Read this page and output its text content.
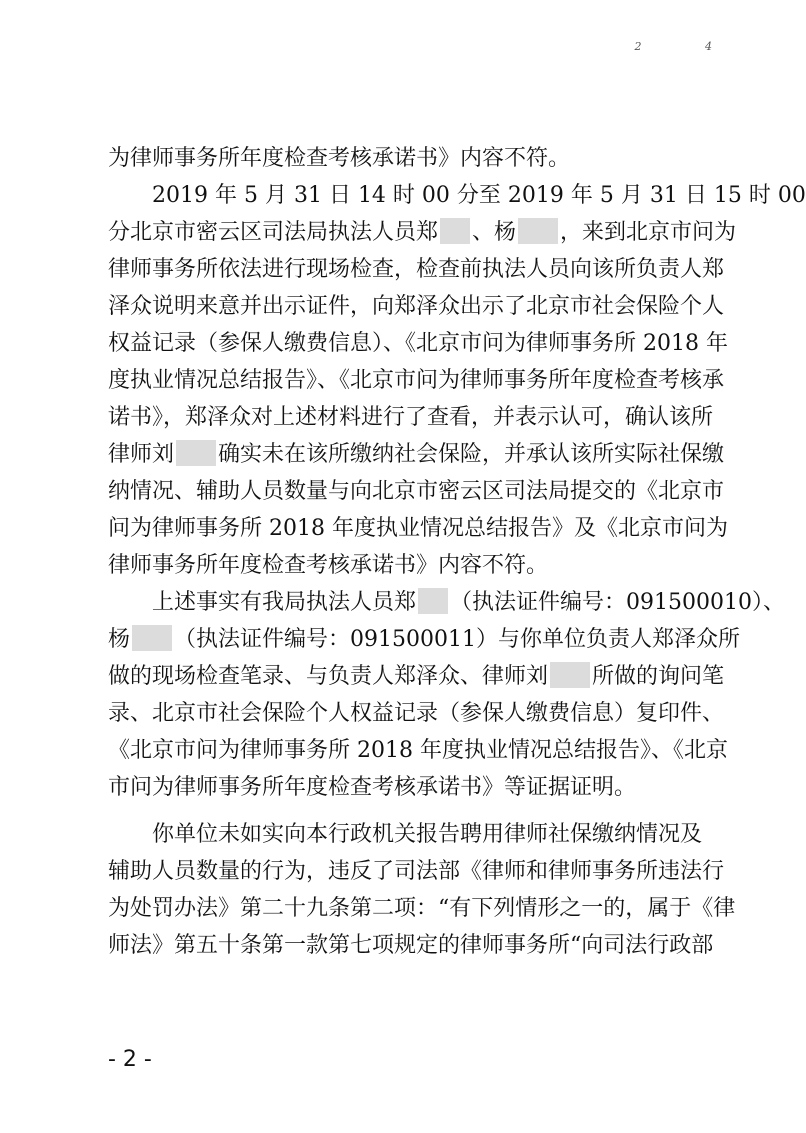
2 4
为律师事务所年度检查考核承诺书》内容不符。
2019 年 5 月 31 日 14 时 00 分至 2019 年 5 月 31 日 15 时 00
分北京市密云区司法局执法人员郑 、杨 ，来到北京市问为
律师事务所依法进行现场检查，检查前执法人员向该所负责人郑
泽众说明来意并出示证件，向郑泽众出示了北京市社会保险个人
权益记录（参保人缴费信息）、《北京市问为律师事务所 2018 年
度执业情况总结报告》、《北京市问为律师事务所年度检查考核承
诺书》，郑泽众对上述材料进行了查看，并表示认可，确认该所
律师刘 确实未在该所缴纳社会保险，并承认该所实际社保缴
纳情况、辅助人员数量与向北京市密云区司法局提交的《北京市
问为律师事务所 2018 年度执业情况总结报告》及《北京市问为
律师事务所年度检查考核承诺书》内容不符。
上述事实有我局执法人员郑 （执法证件编号：091500010）、
杨 （执法证件编号：091500011）与你单位负责人郑泽众所
做的现场检查笔录、与负责人郑泽众、律师刘 所做的询问笔
录、北京市社会保险个人权益记录（参保人缴费信息）复印件、
《北京市问为律师事务所 2018 年度执业情况总结报告》、《北京
市问为律师事务所年度检查考核承诺书》等证据证明。
你单位未如实向本行政机关报告聘用律师社保缴纳情况及
辅助人员数量的行为，违反了司法部《律师和律师事务所违法行
为处罚办法》第二十九条第二项：“有下列情形之一的，属于《律
师法》第五十条第一款第七项规定的律师事务所“向司法行政部
- 2 -
